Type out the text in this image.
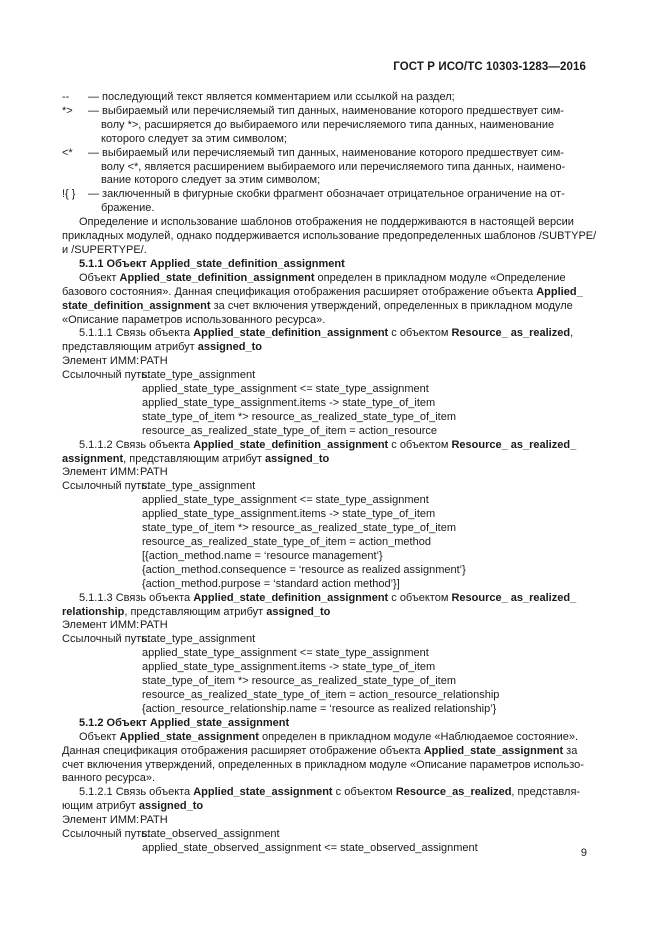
ГОСТ Р ИСО/ТС 10303-1283—2016
--	— последующий текст является комментарием или ссылкой на раздел;
*>	— выбираемый или перечисляемый тип данных, наименование которого предшествует сим-
волу *>, расширяется до выбираемого или перечисляемого типа данных, наименование
которого следует за этим символом;
<*	— выбираемый или перечисляемый тип данных, наименование которого предшествует сим-
волу <*, является расширением выбираемого или перечисляемого типа данных, наимено-
вание которого следует за этим символом;
!{ }	— заключенный в фигурные скобки фрагмент обозначает отрицательное ограничение на от-
бражение.
Определение и использование шаблонов отображения не поддерживаются в настоящей версии
прикладных модулей, однако поддерживается использование предопределенных шаблонов /SUBTYPE/
и /SUPERTYPE/.
5.1.1 Объект Applied_state_definition_assignment
Объект Applied_state_definition_assignment определен в прикладном модуле «Определение
базового состояния». Данная спецификация отображения расширяет отображение объекта Applied_
state_definition_assignment за счет включения утверждений, определенных в прикладном модуле
«Описание параметров использованного ресурса».
5.1.1.1 Связь объекта Applied_state_definition_assignment с объектом Resource_ as_realized,
представляющим атрибут assigned_to
Элемент ИММ:PATH
Ссылочный путь:state_type_assignment
applied_state_type_assignment <= state_type_assignment
applied_state_type_assignment.items -> state_type_of_item
state_type_of_item *> resource_as_realized_state_type_of_item
resource_as_realized_state_type_of_item = action_resource
5.1.1.2 Связь объекта Applied_state_definition_assignment с объектом Resource_ as_realized_
assignment, представляющим атрибут assigned_to
Элемент ИММ:PATH
Ссылочный путь:state_type_assignment
applied_state_type_assignment <= state_type_assignment
applied_state_type_assignment.items -> state_type_of_item
state_type_of_item *> resource_as_realized_state_type_of_item
resource_as_realized_state_type_of_item = action_method
[{action_method.name = ‘resource management’}
{action_method.consequence = ‘resource as realized assignment’}
{action_method.purpose = ‘standard action method’}]
5.1.1.3 Связь объекта Applied_state_definition_assignment с объектом Resource_ as_realized_
relationship, представляющим атрибут assigned_to
Элемент ИММ:PATH
Ссылочный путь:state_type_assignment
applied_state_type_assignment <= state_type_assignment
applied_state_type_assignment.items -> state_type_of_item
state_type_of_item *> resource_as_realized_state_type_of_item
resource_as_realized_state_type_of_item = action_resource_relationship
{action_resource_relationship.name = ‘resource as realized relationship’}
5.1.2 Объект Applied_state_assignment
Объект Applied_state_assignment определен в прикладном модуле «Наблюдаемое состояние».
Данная спецификация отображения расширяет отображение объекта Applied_state_assignment за
счет включения утверждений, определенных в прикладном модуле «Описание параметров использо-
ванного ресурса».
5.1.2.1 Связь объекта Applied_state_assignment с объектом Resource_as_realized, представля-
ющим атрибут assigned_to
Элемент ИММ:PATH
Ссылочный путь:state_observed_assignment
applied_state_observed_assignment <= state_observed_assignment	9
